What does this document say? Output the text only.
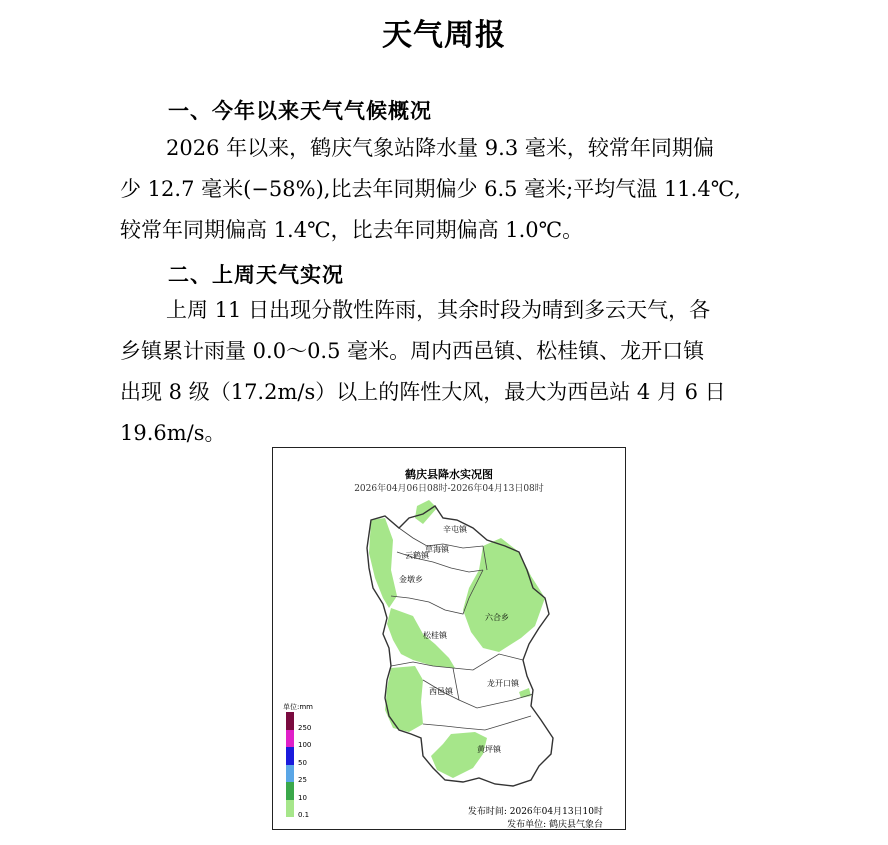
天气周报
一、今年以来天气气候概况
2026 年以来，鹤庆气象站降水量 9.3 毫米，较常年同期偏
少 12.7 毫米(−58%),比去年同期偏少 6.5 毫米;平均气温 11.4℃,
较常年同期偏高 1.4℃，比去年同期偏高 1.0℃。
二、上周天气实况
上周 11 日出现分散性阵雨，其余时段为晴到多云天气，各
乡镇累计雨量 0.0～0.5 毫米。周内西邑镇、松桂镇、龙开口镇
出现 8 级（17.2m/s）以上的阵性大风，最大为西邑站 4 月 6 日
19.6m/s。
鹤庆县降水实况图
2026年04月06日08时-2026年04月13日08时
辛屯镇
草海镇
云鹤镇
金墩乡
六合乡
松桂镇
西邑镇
龙开口镇
黄坪镇
单位:mm
250
100
50
25
10
0.1	发布时间: 2026年04月13日10时
发布单位: 鹤庆县气象台
